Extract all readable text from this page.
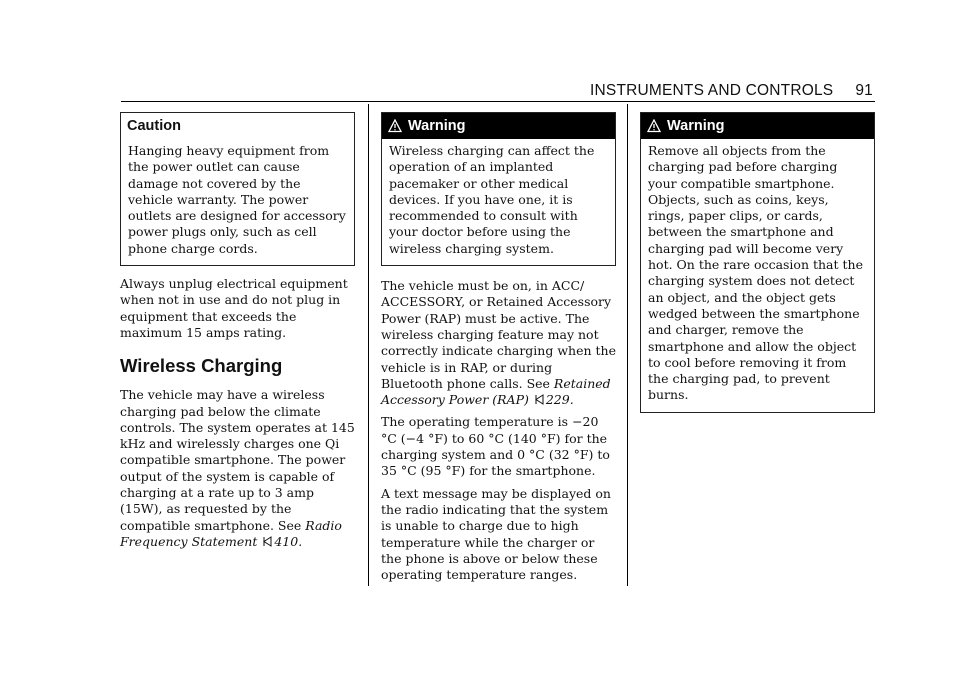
INSTRUMENTS AND CONTROLS 91
Caution
Hanging heavy equipment from the power outlet can cause damage not covered by the vehicle warranty. The power outlets are designed for accessory power plugs only, such as cell phone charge cords.

Always unplug electrical equipment when not in use and do not plug in equipment that exceeds the maximum 15 amps rating.

Wireless Charging

The vehicle may have a wireless charging pad below the climate controls. The system operates at 145 kHz and wirelessly charges one Qi compatible smartphone. The power output of the system is capable of charging at a rate up to 3 amp (15W), as requested by the compatible smartphone. See Radio Frequency Statement 410.

Warning
Wireless charging can affect the operation of an implanted pacemaker or other medical devices. If you have one, it is recommended to consult with your doctor before using the wireless charging system.

The vehicle must be on, in ACC/ ACCESSORY, or Retained Accessory Power (RAP) must be active. The wireless charging feature may not correctly indicate charging when the vehicle is in RAP, or during Bluetooth phone calls. See Retained Accessory Power (RAP) 229.

The operating temperature is −20 °C (−4 °F) to 60 °C (140 °F) for the charging system and 0 °C (32 °F) to 35 °C (95 °F) for the smartphone.

A text message may be displayed on the radio indicating that the system is unable to charge due to high temperature while the charger or the phone is above or below these operating temperature ranges.

Warning
Remove all objects from the charging pad before charging your compatible smartphone. Objects, such as coins, keys, rings, paper clips, or cards, between the smartphone and charging pad will become very hot. On the rare occasion that the charging system does not detect an object, and the object gets wedged between the smartphone and charger, remove the smartphone and allow the object to cool before removing it from the charging pad, to prevent burns.
